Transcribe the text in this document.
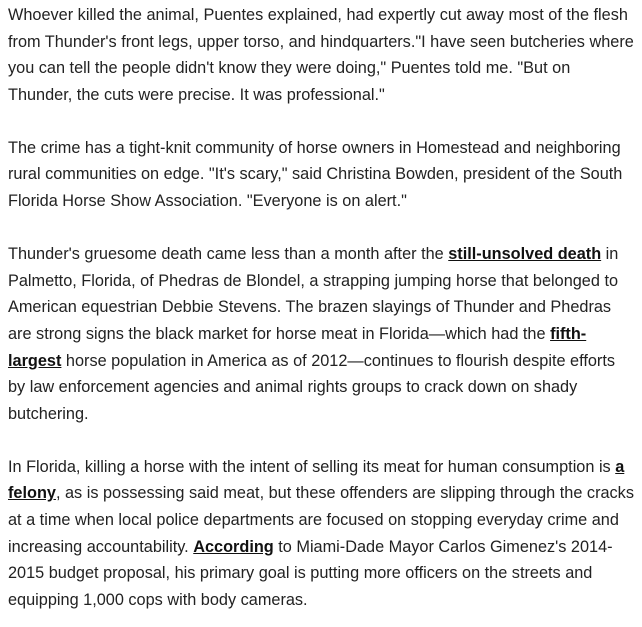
Whoever killed the animal, Puentes explained, had expertly cut away most of the flesh from Thunder's front legs, upper torso, and hindquarters."I have seen butcheries where you can tell the people didn't know they were doing," Puentes told me. "But on Thunder, the cuts were precise. It was professional."

The crime has a tight-knit community of horse owners in Homestead and neighboring rural communities on edge. "It's scary," said Christina Bowden, president of the South Florida Horse Show Association. "Everyone is on alert."

Thunder's gruesome death came less than a month after the still-unsolved death in Palmetto, Florida, of Phedras de Blondel, a strapping jumping horse that belonged to American equestrian Debbie Stevens. The brazen slayings of Thunder and Phedras are strong signs the black market for horse meat in Florida—which had the fifth-largest horse population in America as of 2012—continues to flourish despite efforts by law enforcement agencies and animal rights groups to crack down on shady butchering.

In Florida, killing a horse with the intent of selling its meat for human consumption is a felony, as is possessing said meat, but these offenders are slipping through the cracks at a time when local police departments are focused on stopping everyday crime and increasing accountability. According to Miami-Dade Mayor Carlos Gimenez's 2014-2015 budget proposal, his primary goal is putting more officers on the streets and equipping 1,000 cops with body cameras.
